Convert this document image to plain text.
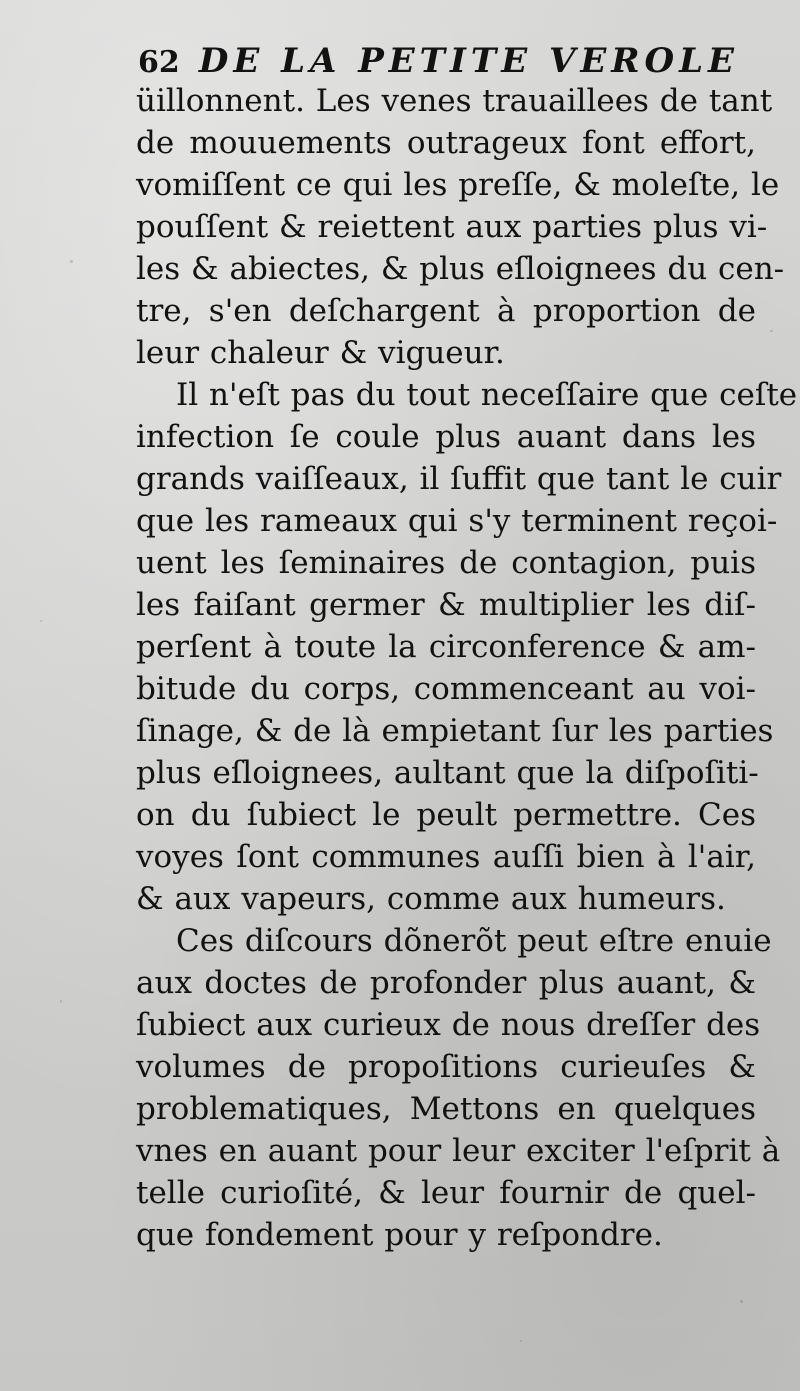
62 DE LA PETITE VEROLE
üillonnent. Les venes trauaillees de tant
de mouuements outrageux font effort,
vomiſſent ce qui les preſſe, & moleſte, le
pouſſent & reiettent aux parties plus vi-
les & abiectes, & plus eſloignees du cen-
tre, s'en deſchargent à proportion de
leur chaleur & vigueur.
Il n'eſt pas du tout neceſſaire que ceſte
infection ſe coule plus auant dans les
grands vaiſſeaux, il ſuffit que tant le cuir
que les rameaux qui s'y terminent reçoi-
uent les ſeminaires de contagion, puis
les faiſant germer & multiplier les diſ-
perſent à toute la circonference & am-
bitude du corps, commenceant au voi-
ſinage, & de là empietant ſur les parties
plus eſloignees, aultant que la diſpoſiti-
on du ſubiect le peult permettre. Ces
voyes ſont communes auſſi bien à l'air,
& aux vapeurs, comme aux humeurs.
Ces diſcours dõnerõt peut eſtre enuie
aux doctes de profonder plus auant, &
ſubiect aux curieux de nous dreſſer des
volumes de propoſitions curieuſes &
problematiques, Mettons en quelques
vnes en auant pour leur exciter l'eſprit à
telle curioſité, & leur fournir de quel-
que fondement pour y reſpondre.
